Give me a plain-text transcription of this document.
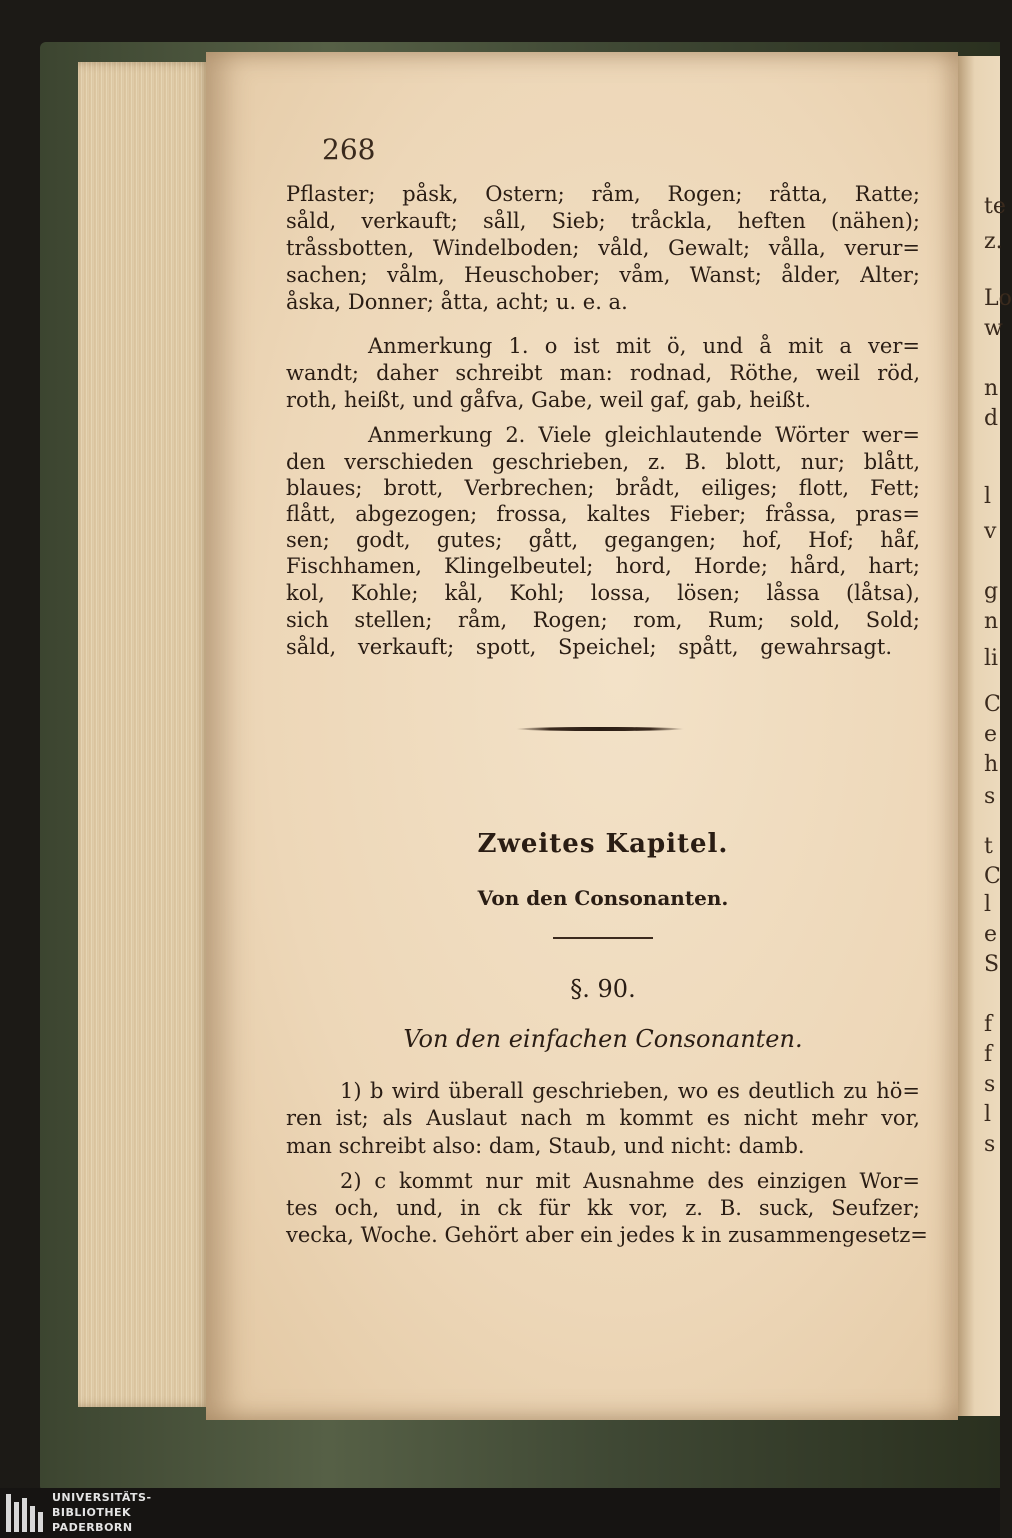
te
z.
Lo
w
n
d
l
v
g
n
li
C
e
h
s
t
C
l
e
S
f
f
s
l
s
268
Pflaster; påsk, Ostern; råm, Rogen; råtta, Ratte;
såld, verkauft; såll, Sieb; tråckla, heften (nähen);
tråssbotten, Windelboden; våld, Gewalt; vålla, verur=
sachen; vålm, Heuschober; våm, Wanst; ålder, Alter;
åska, Donner; åtta, acht; u. e. a.
Anmerkung 1. o ist mit ö, und å mit a ver=
wandt; daher schreibt man: rodnad, Röthe, weil röd,
roth, heißt, und gåfva, Gabe, weil gaf, gab, heißt.
Anmerkung 2. Viele gleichlautende Wörter wer=
den verschieden geschrieben, z. B. blott, nur; blått,
blaues; brott, Verbrechen; brådt, eiliges; flott, Fett;
flått, abgezogen; frossa, kaltes Fieber; fråssa, pras=
sen; godt, gutes; gått, gegangen; hof, Hof; håf,
Fischhamen, Klingelbeutel; hord, Horde; hård, hart;
kol, Kohle; kål, Kohl; lossa, lösen; låssa (låtsa),
sich stellen; råm, Rogen; rom, Rum; sold, Sold;
såld, verkauft; spott, Speichel; spått, gewahrsagt.
Zweites Kapitel.
Von den Consonanten.
§. 90.
Von den einfachen Consonanten.
1) b wird überall geschrieben, wo es deutlich zu hö=
ren ist; als Auslaut nach m kommt es nicht mehr vor,
man schreibt also: dam, Staub, und nicht: damb.
2) c kommt nur mit Ausnahme des einzigen Wor=
tes och, und, in ck für kk vor, z. B. suck, Seufzer;
vecka, Woche. Gehört aber ein jedes k in zusammengesetz=
UNIVERSITÄTS-
BIBLIOTHEK
PADERBORN
